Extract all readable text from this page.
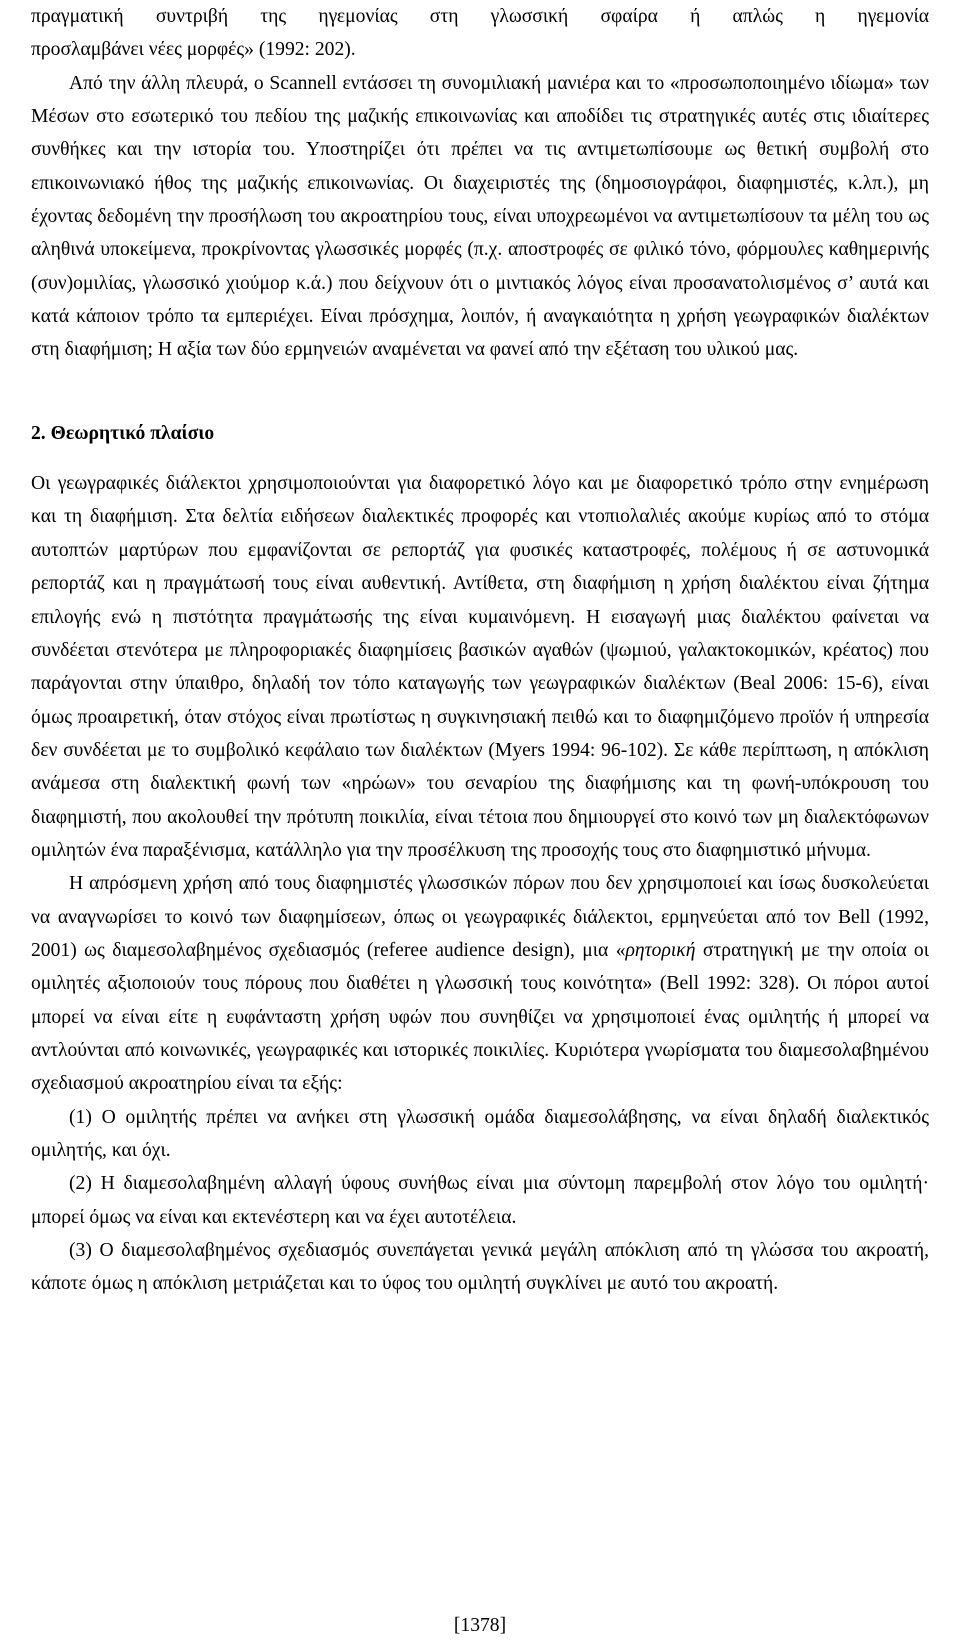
πραγματική συντριβή της ηγεμονίας στη γλωσσική σφαίρα ή απλώς η ηγεμονία

προσλαμβάνει νέες μορφές» (1992: 202).

Από την άλλη πλευρά, ο Scannell εντάσσει τη συνομιλιακή μανιέρα και το «προσωποποιημένο ιδίωμα» των Μέσων στο εσωτερικό του πεδίου της μαζικής επικοινωνίας και αποδίδει τις στρατηγικές αυτές στις ιδιαίτερες συνθήκες και την ιστορία του. Υποστηρίζει ότι πρέπει να τις αντιμετωπίσουμε ως θετική συμβολή στο επικοινωνιακό ήθος της μαζικής επικοινωνίας. Οι διαχειριστές της (δημοσιογράφοι, διαφημιστές, κ.λπ.), μη έχοντας δεδομένη την προσήλωση του ακροατηρίου τους, είναι υποχρεωμένοι να αντιμετωπίσουν τα μέλη του ως αληθινά υποκείμενα, προκρίνοντας γλωσσικές μορφές (π.χ. αποστροφές σε φιλικό τόνο, φόρμουλες καθημερινής (συν)ομιλίας, γλωσσικό χιούμορ κ.ά.) που δείχνουν ότι ο μιντιακός λόγος είναι προσανατολισμένος σ’ αυτά και κατά κάποιον τρόπο τα εμπεριέχει. Είναι πρόσχημα, λοιπόν, ή αναγκαιότητα η χρήση γεωγραφικών διαλέκτων στη διαφήμιση; Η αξία των δύο ερμηνειών αναμένεται να φανεί από την εξέταση του υλικού μας.

2. Θεωρητικό πλαίσιο

Οι γεωγραφικές διάλεκτοι χρησιμοποιούνται για διαφορετικό λόγο και με διαφορετικό τρόπο στην ενημέρωση και τη διαφήμιση. Στα δελτία ειδήσεων διαλεκτικές προφορές και ντοπιολαλιές ακούμε κυρίως από το στόμα αυτοπτών μαρτύρων που εμφανίζονται σε ρεπορτάζ για φυσικές καταστροφές, πολέμους ή σε αστυνομικά ρεπορτάζ και η πραγμάτωσή τους είναι αυθεντική. Αντίθετα, στη διαφήμιση η χρήση διαλέκτου είναι ζήτημα επιλογής ενώ η πιστότητα πραγμάτωσής της είναι κυμαινόμενη. Η εισαγωγή μιας διαλέκτου φαίνεται να συνδέεται στενότερα με πληροφοριακές διαφημίσεις βασικών αγαθών (ψωμιού, γαλακτοκομικών, κρέατος) που παράγονται στην ύπαιθρο, δηλαδή τον τόπο καταγωγής των γεωγραφικών διαλέκτων (Beal 2006: 15-6), είναι όμως προαιρετική, όταν στόχος είναι πρωτίστως η συγκινησιακή πειθώ και το διαφημιζόμενο προϊόν ή υπηρεσία δεν συνδέεται με το συμβολικό κεφάλαιο των διαλέκτων (Myers 1994: 96-102). Σε κάθε περίπτωση, η απόκλιση ανάμεσα στη διαλεκτική φωνή των «ηρώων» του σεναρίου της διαφήμισης και τη φωνή-υπόκρουση του διαφημιστή, που ακολουθεί την πρότυπη ποικιλία, είναι τέτοια που δημιουργεί στο κοινό των μη διαλεκτόφωνων ομιλητών ένα παραξένισμα, κατάλληλο για την προσέλκυση της προσοχής τους στο διαφημιστικό μήνυμα.

Η απρόσμενη χρήση από τους διαφημιστές γλωσσικών πόρων που δεν χρησιμοποιεί και ίσως δυσκολεύεται να αναγνωρίσει το κοινό των διαφημίσεων, όπως οι γεωγραφικές διάλεκτοι, ερμηνεύεται από τον Bell (1992, 2001) ως διαμεσολαβημένος σχεδιασμός (referee audience design), μια «ρητορική στρατηγική με την οποία οι ομιλητές αξιοποιούν τους πόρους που διαθέτει η γλωσσική τους κοινότητα» (Bell 1992: 328). Οι πόροι αυτοί μπορεί να είναι είτε η ευφάνταστη χρήση υφών που συνηθίζει να χρησιμοποιεί ένας ομιλητής ή μπορεί να αντλούνται από κοινωνικές, γεωγραφικές και ιστορικές ποικιλίες. Κυριότερα γνωρίσματα του διαμεσολαβημένου σχεδιασμού ακροατηρίου είναι τα εξής:

(1) Ο ομιλητής πρέπει να ανήκει στη γλωσσική ομάδα διαμεσολάβησης, να είναι δηλαδή διαλεκτικός ομιλητής, και όχι.

(2) Η διαμεσολαβημένη αλλαγή ύφους συνήθως είναι μια σύντομη παρεμβολή στον λόγο του ομιλητή· μπορεί όμως να είναι και εκτενέστερη και να έχει αυτοτέλεια.

(3) Ο διαμεσολαβημένος σχεδιασμός συνεπάγεται γενικά μεγάλη απόκλιση από τη γλώσσα του ακροατή, κάποτε όμως η απόκλιση μετριάζεται και το ύφος του ομιλητή συγκλίνει με αυτό του ακροατή.

[1378]
